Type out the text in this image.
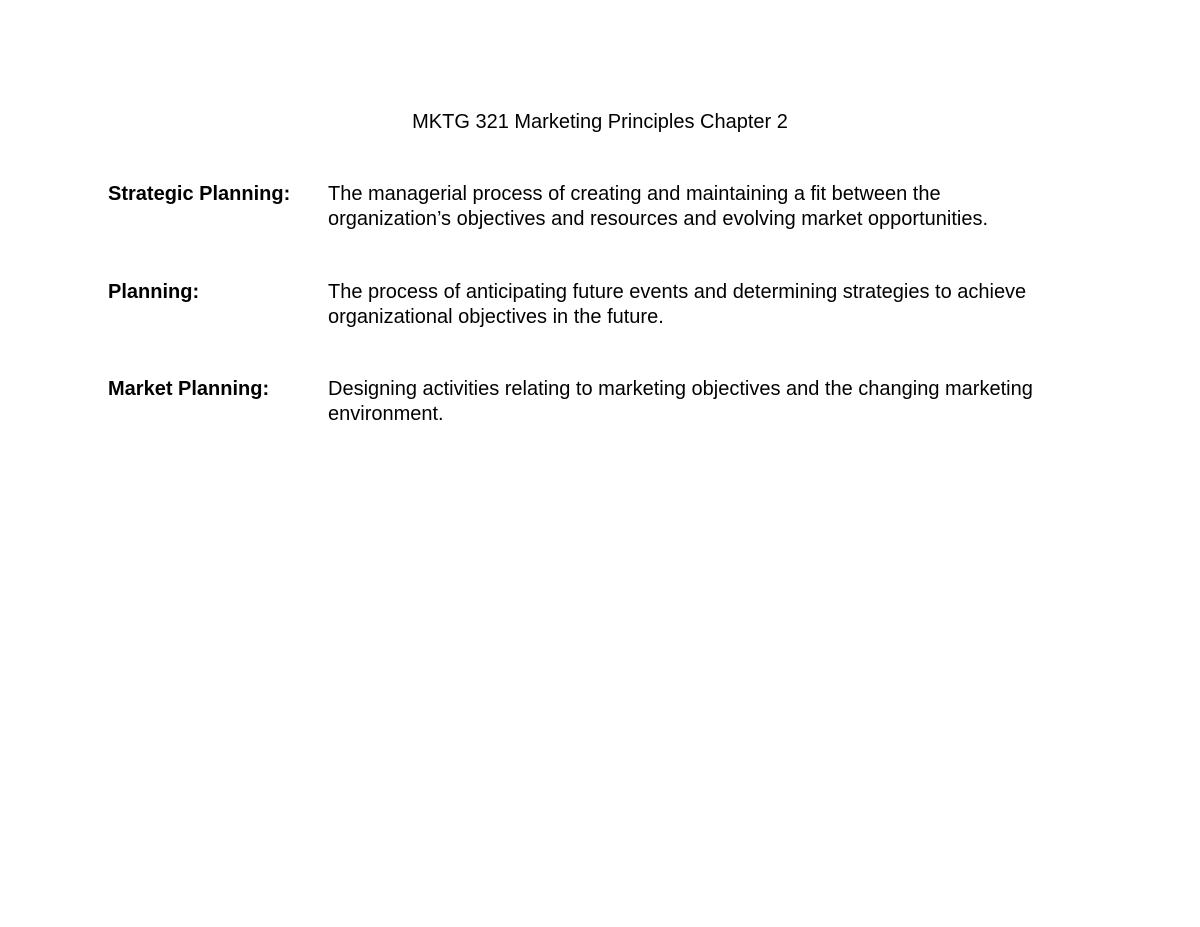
MKTG 321 Marketing Principles Chapter 2
Strategic Planning:	The managerial process of creating and maintaining a fit between the organization’s objectives and resources and evolving market opportunities.
Planning:	The process of anticipating future events and determining strategies to achieve organizational objectives in the future.
Market Planning:	Designing activities relating to marketing objectives and the changing marketing environment.
